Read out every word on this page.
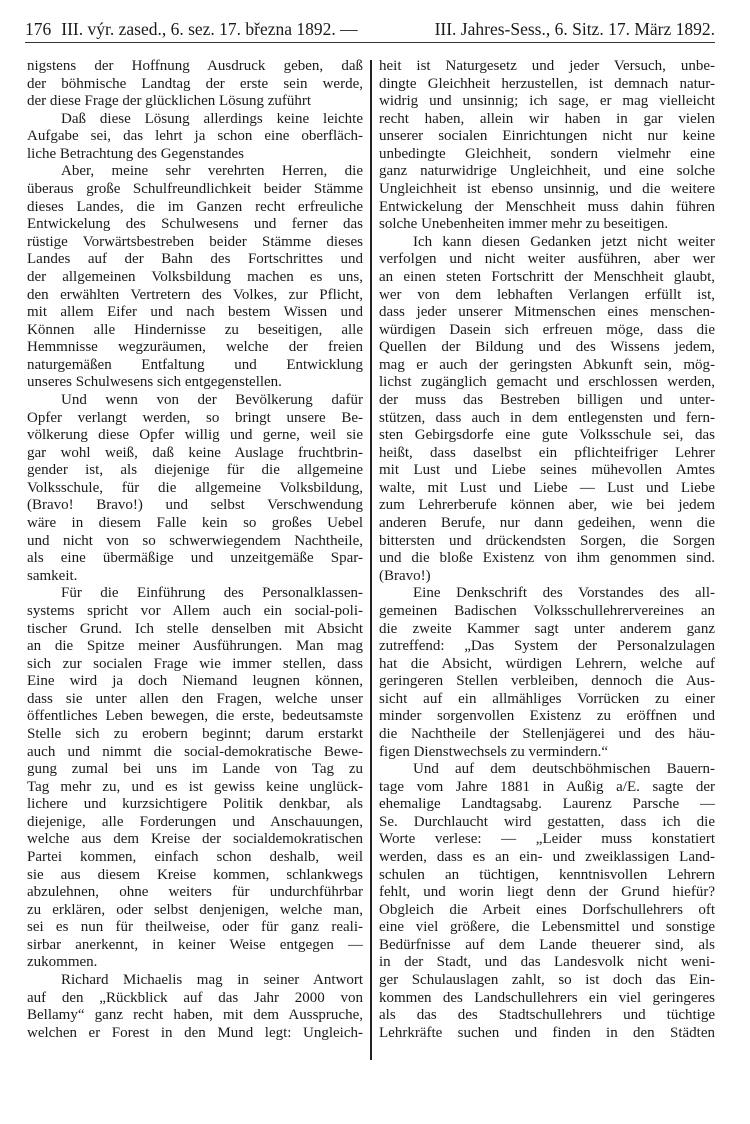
176 III. výr. zased., 6. sez. 17. března 1892. —	III. Jahres-Sess., 6. Sitz. 17. März 1892.
nigstens der Hoffnung Ausdruck geben, daß
der böhmische Landtag der erste sein werde,
der diese Frage der glücklichen Lösung zuführt
Daß diese Lösung allerdings keine leichte
Aufgabe sei, das lehrt ja schon eine oberfläch-
liche Betrachtung des Gegenstandes
Aber, meine sehr verehrten Herren, die
überaus große Schulfreundlichkeit beider Stämme
dieses Landes, die im Ganzen recht erfreuliche
Entwickelung des Schulwesens und ferner das
rüstige Vorwärtsbestreben beider Stämme dieses
Landes auf der Bahn des Fortschrittes und
der allgemeinen Volksbildung machen es uns,
den erwählten Vertretern des Volkes, zur Pflicht,
mit allem Eifer und nach bestem Wissen und
Können alle Hindernisse zu beseitigen, alle
Hemmnisse wegzuräumen, welche der freien
naturgemäßen Entfaltung und Entwicklung
unseres Schulwesens sich entgegenstellen.
Und wenn von der Bevölkerung dafür
Opfer verlangt werden, so bringt unsere Be-
völkerung diese Opfer willig und gerne, weil sie
gar wohl weiß, daß keine Auslage fruchtbrin-
gender ist, als diejenige für die allgemeine
Volksschule, für die allgemeine Volksbildung,
(Bravo! Bravo!) und selbst Verschwendung
wäre in diesem Falle kein so großes Uebel
und nicht von so schwerwiegendem Nachtheile,
als eine übermäßige und unzeitgemäße Spar-
samkeit.
Für die Einführung des Personalklassen-
systems spricht vor Allem auch ein social-poli-
tischer Grund. Ich stelle denselben mit Absicht
an die Spitze meiner Ausführungen. Man mag
sich zur socialen Frage wie immer stellen, dass
Eine wird ja doch Niemand leugnen können,
dass sie unter allen den Fragen, welche unser
öffentliches Leben bewegen, die erste, bedeutsamste
Stelle sich zu erobern beginnt; darum erstarkt
auch und nimmt die social-demokratische Bewe-
gung zumal bei uns im Lande von Tag zu
Tag mehr zu, und es ist gewiss keine unglück-
lichere und kurzsichtigere Politik denkbar, als
diejenige, alle Forderungen und Anschauungen,
welche aus dem Kreise der socialdemokratischen
Partei kommen, einfach schon deshalb, weil
sie aus diesem Kreise kommen, schlankwegs
abzulehnen, ohne weiters für undurchführbar
zu erklären, oder selbst denjenigen, welche man,
sei es nun für theilweise, oder für ganz reali-
sirbar anerkennt, in keiner Weise entgegen —
zukommen.
Richard Michaelis mag in seiner Antwort
auf den „Rückblick auf das Jahr 2000 von
Bellamy“ ganz recht haben, mit dem Ausspruche,
welchen er Forest in den Mund legt: Ungleich-
heit ist Naturgesetz und jeder Versuch, unbe-
dingte Gleichheit herzustellen, ist demnach natur-
widrig und unsinnig; ich sage, er mag vielleicht
recht haben, allein wir haben in gar vielen
unserer socialen Einrichtungen nicht nur keine
unbedingte Gleichheit, sondern vielmehr eine
ganz naturwidrige Ungleichheit, und eine solche
Ungleichheit ist ebenso unsinnig, und die weitere
Entwickelung der Menschheit muss dahin führen
solche Unebenheiten immer mehr zu beseitigen.
Ich kann diesen Gedanken jetzt nicht weiter
verfolgen und nicht weiter ausführen, aber wer
an einen steten Fortschritt der Menschheit glaubt,
wer von dem lebhaften Verlangen erfüllt ist,
dass jeder unserer Mitmenschen eines menschen-
würdigen Dasein sich erfreuen möge, dass die
Quellen der Bildung und des Wissens jedem,
mag er auch der geringsten Abkunft sein, mög-
lichst zugänglich gemacht und erschlossen werden,
der muss das Bestreben billigen und unter-
stützen, dass auch in dem entlegensten und fern-
sten Gebirgsdorfe eine gute Volksschule sei, das
heißt, dass daselbst ein pflichteifriger Lehrer
mit Lust und Liebe seines mühevollen Amtes
walte, mit Lust und Liebe — Lust und Liebe
zum Lehrerberufe können aber, wie bei jedem
anderen Berufe, nur dann gedeihen, wenn die
bittersten und drückendsten Sorgen, die Sorgen
und die bloße Existenz von ihm genommen sind.
(Bravo!)
Eine Denkschrift des Vorstandes des all-
gemeinen Badischen Volksschullehrervereines an
die zweite Kammer sagt unter anderem ganz
zutreffend: „Das System der Personalzulagen
hat die Absicht, würdigen Lehrern, welche auf
geringeren Stellen verbleiben, dennoch die Aus-
sicht auf ein allmähliges Vorrücken zu einer
minder sorgenvollen Existenz zu eröffnen und
die Nachtheile der Stellenjägerei und des häu-
figen Dienstwechsels zu vermindern.“
Und auf dem deutschböhmischen Bauern-
tage vom Jahre 1881 in Außig a/E. sagte der
ehemalige Landtagsabg. Laurenz Parsche —
Se. Durchlaucht wird gestatten, dass ich die
Worte verlese: — „Leider muss konstatiert
werden, dass es an ein- und zweiklassigen Land-
schulen an tüchtigen, kenntnisvollen Lehrern
fehlt, und worin liegt denn der Grund hiefür?
Obgleich die Arbeit eines Dorfschullehrers oft
eine viel größere, die Lebensmittel und sonstige
Bedürfnisse auf dem Lande theuerer sind, als
in der Stadt, und das Landesvolk nicht weni-
ger Schulauslagen zahlt, so ist doch das Ein-
kommen des Landschullehrers ein viel geringeres
als das des Stadtschullehrers und tüchtige
Lehrkräfte suchen und finden in den Städten
